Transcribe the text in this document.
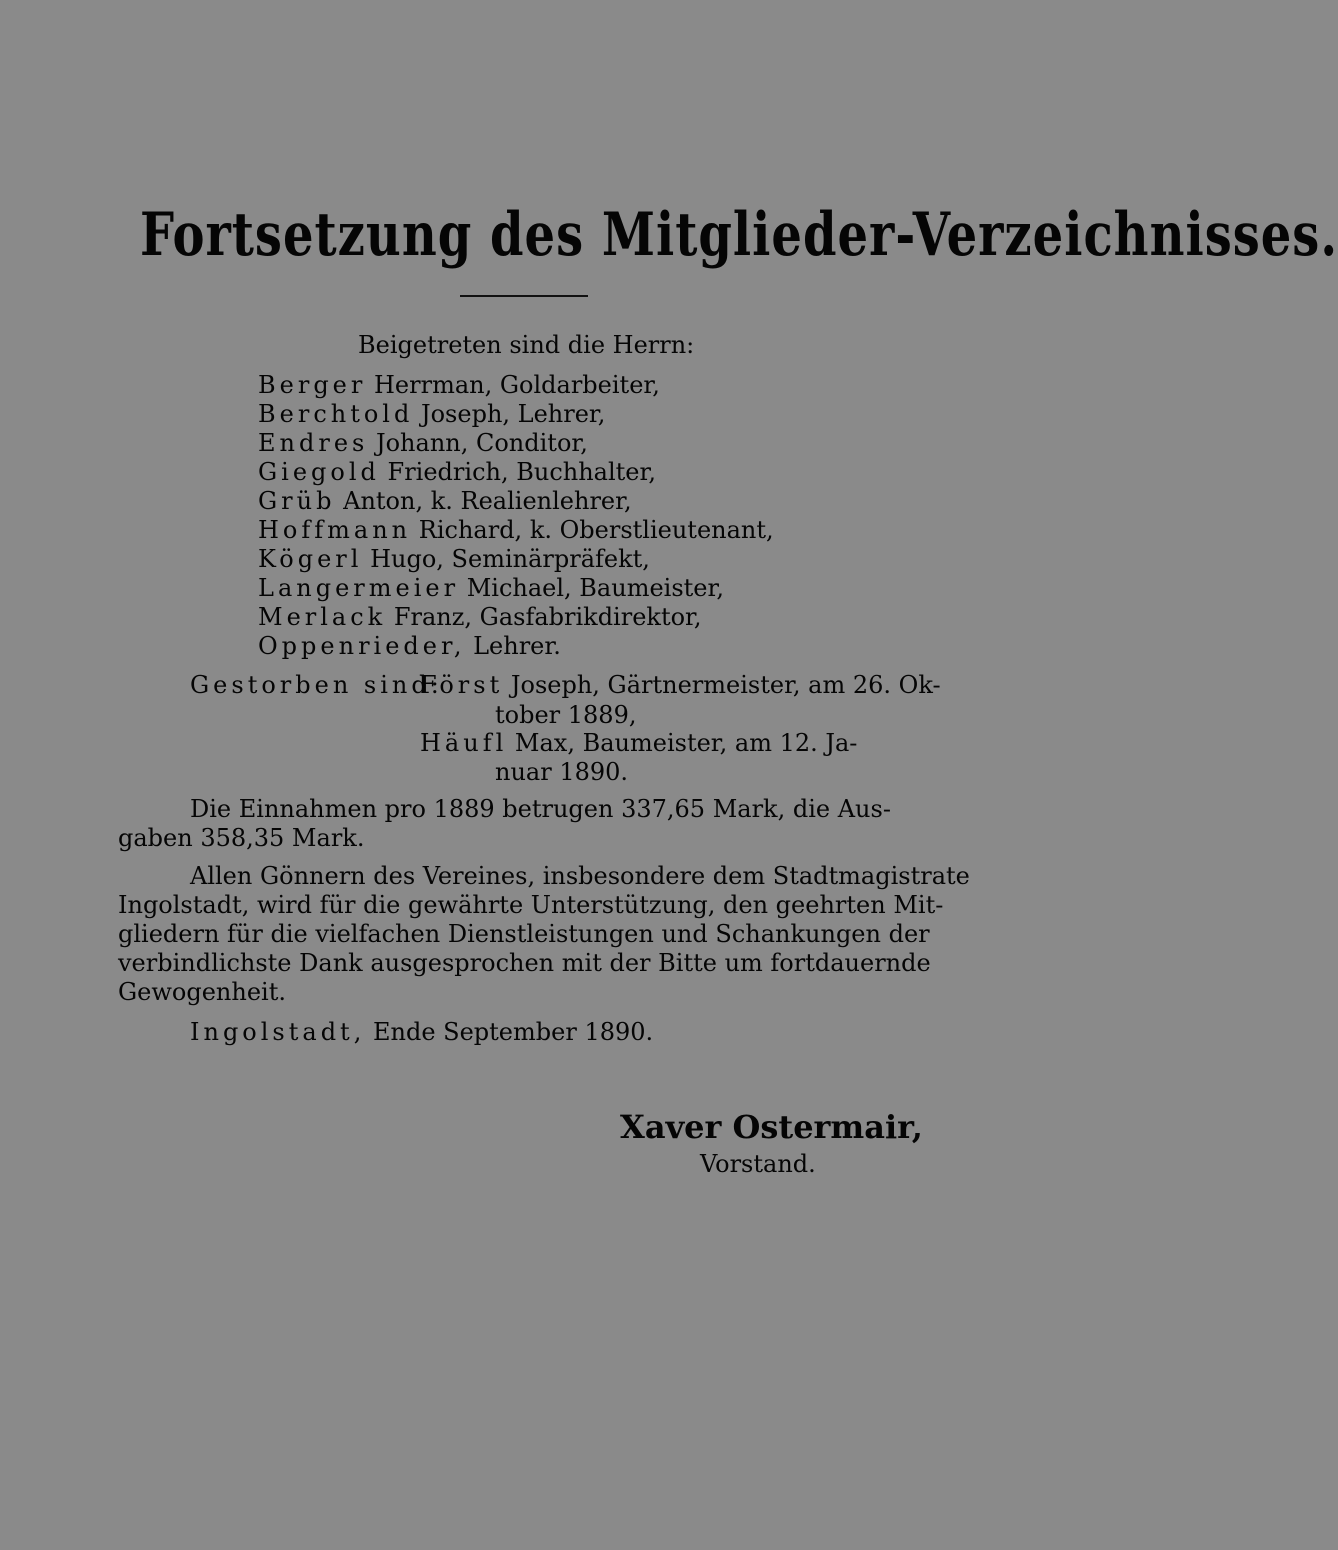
Fortsetzung des Mitglieder-Verzeichnisses.
Beigetreten sind die Herrn:
Berger Herrman, Goldarbeiter,
Berchtold Joseph, Lehrer,
Endres Johann, Conditor,
Giegold Friedrich, Buchhalter,
Grüb Anton, k. Realienlehrer,
Hoffmann Richard, k. Oberstlieutenant,
Kögerl Hugo, Seminärpräfekt,
Langermeier Michael, Baumeister,
Merlack Franz, Gasfabrikdirektor,
Oppenrieder, Lehrer.
Gestorben sind:
Först Joseph, Gärtnermeister, am 26. Ok-
tober 1889,
Häufl Max, Baumeister, am 12. Ja-
nuar 1890.
Die Einnahmen pro 1889 betrugen 337,65 Mark, die Aus-
gaben 358,35 Mark.
Allen Gönnern des Vereines, insbesondere dem Stadtmagistrate
Ingolstadt, wird für die gewährte Unterstützung, den geehrten Mit-
gliedern für die vielfachen Dienstleistungen und Schankungen der
verbindlichste Dank ausgesprochen mit der Bitte um fortdauernde
Gewogenheit.
Ingolstadt, Ende September 1890.
Xaver Ostermair,
Vorstand.
